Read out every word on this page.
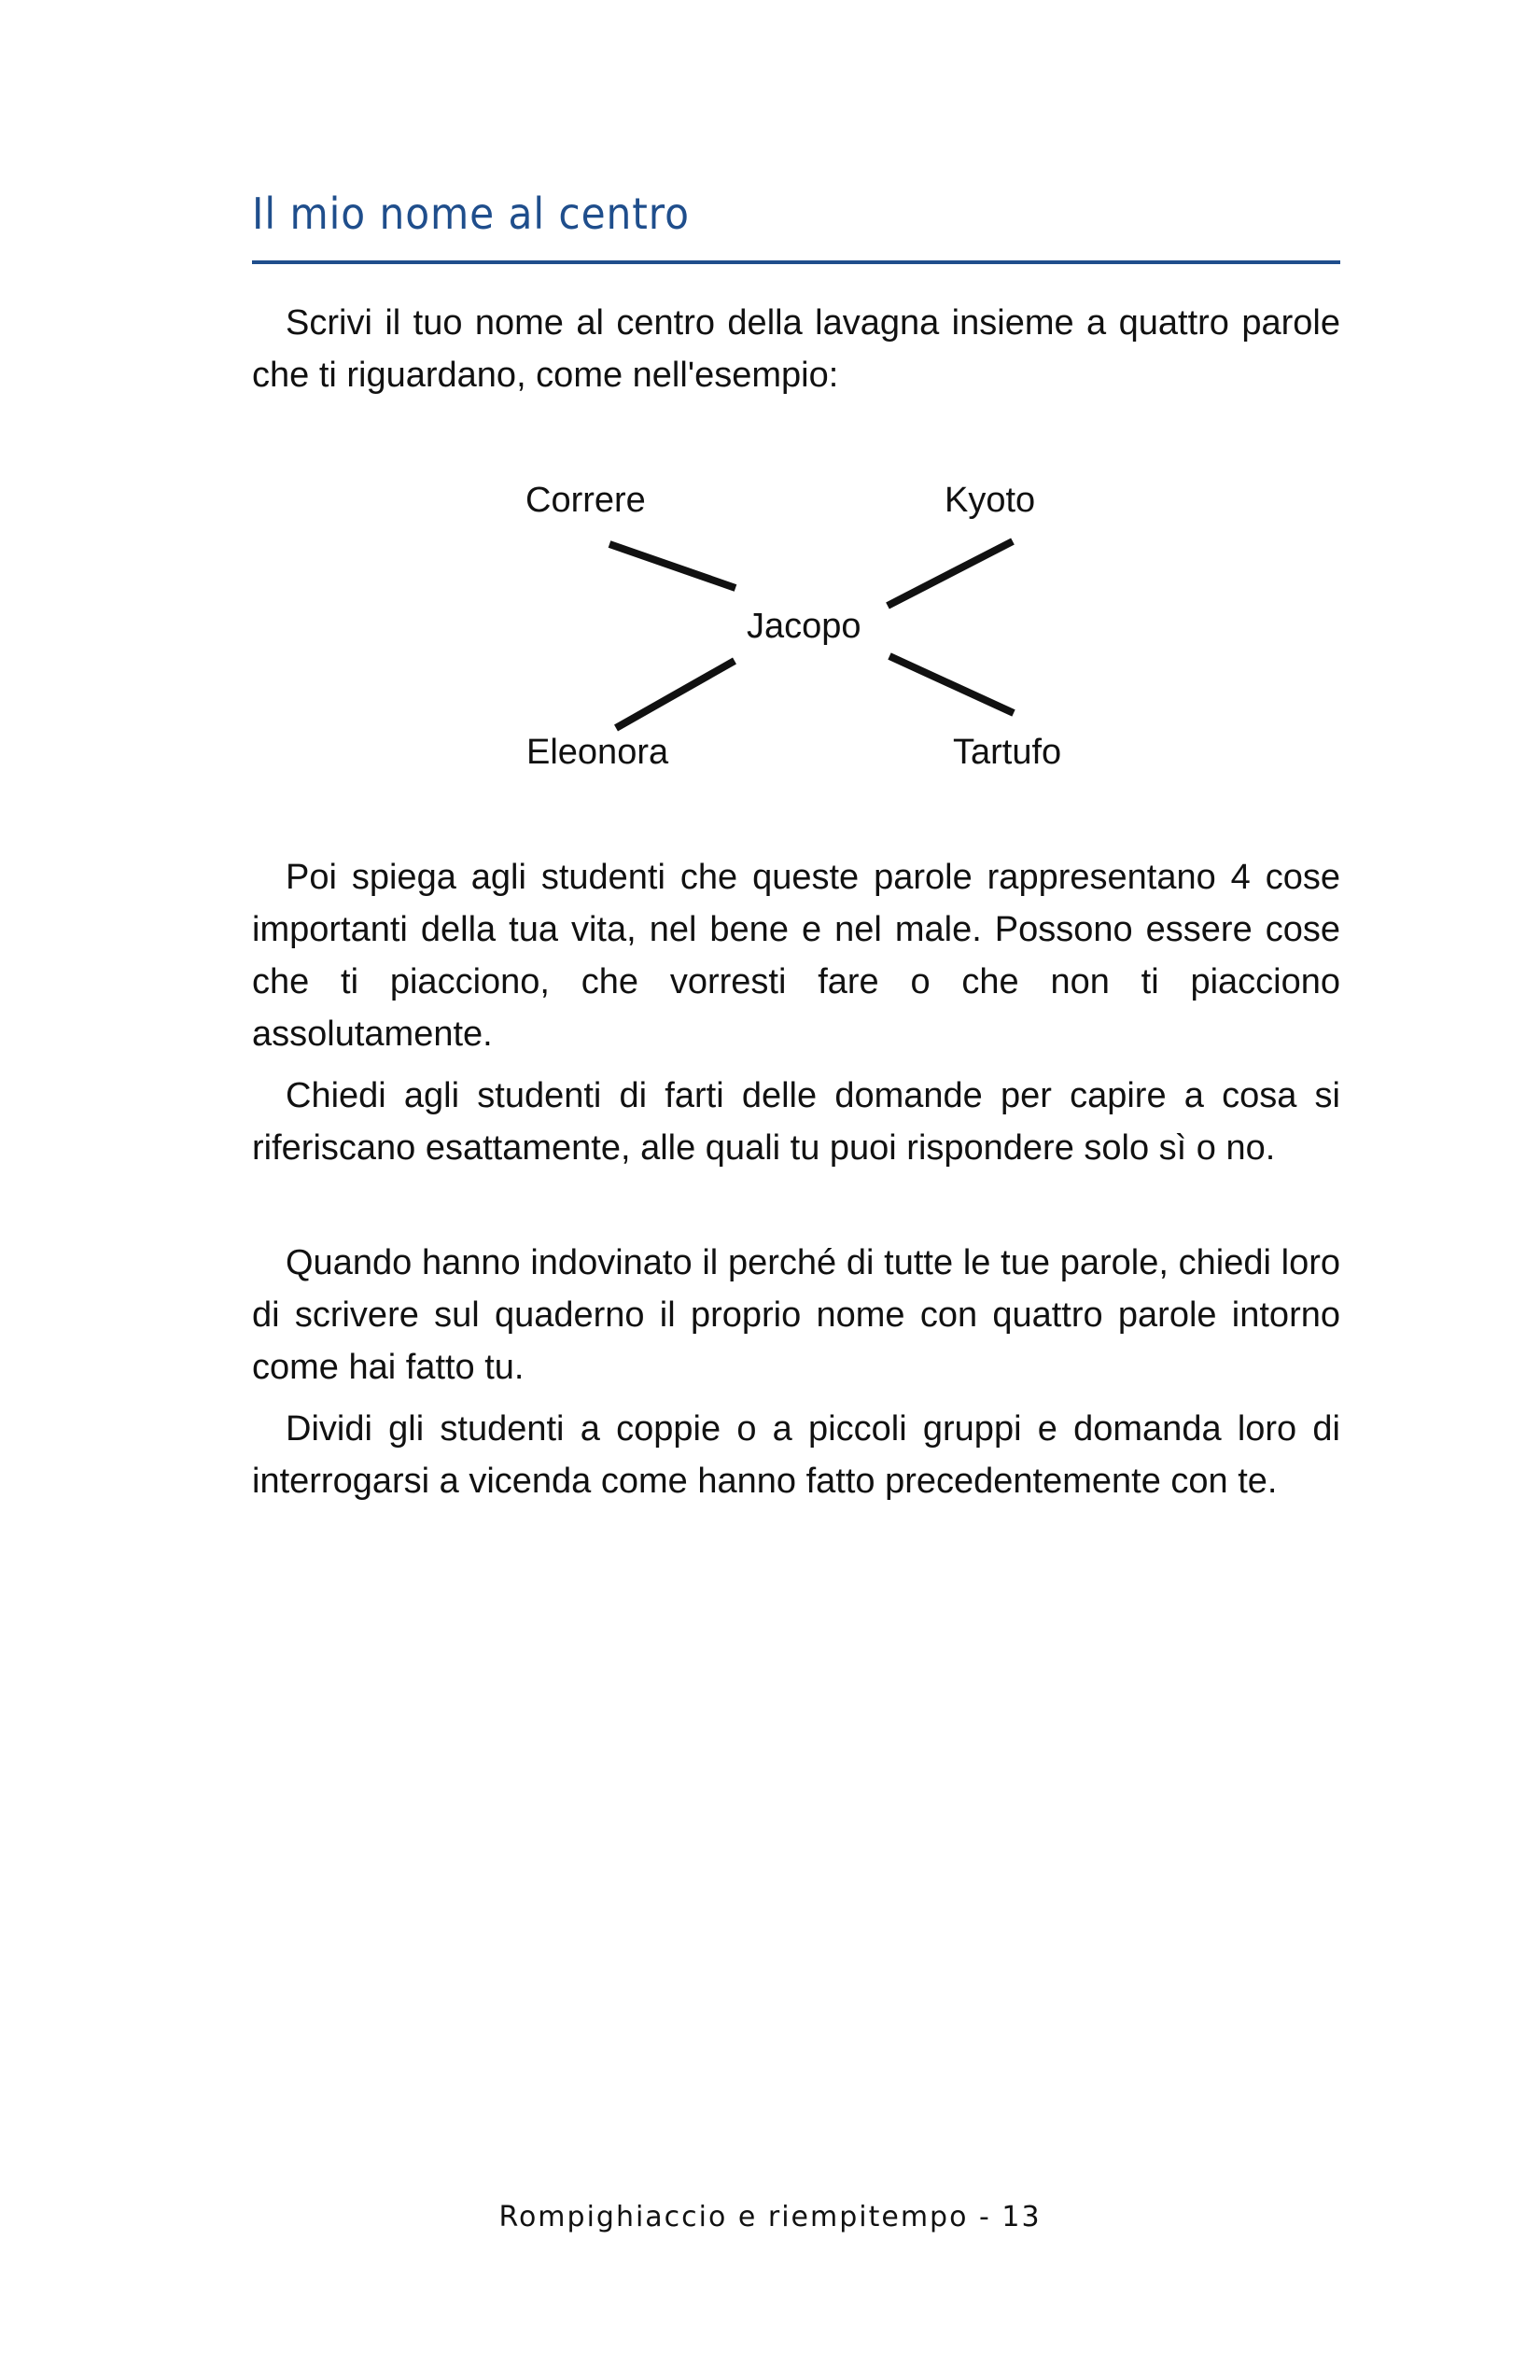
Il mio nome al centro

Scrivi il tuo nome al centro della lavagna insieme a quattro parole che ti riguardano, come nell'esempio:

Correre	Kyoto
Jacopo
Eleonora	Tartufo

Poi spiega agli studenti che queste parole rappresentano 4 cose importanti della tua vita, nel bene e nel male. Possono essere cose che ti piacciono, che vorresti fare o che non ti piacciono assolutamente.

Chiedi agli studenti di farti delle domande per capire a cosa si riferiscano esattamente, alle quali tu puoi rispondere solo sì o no.

Quando hanno indovinato il perché di tutte le tue parole, chiedi loro di scrivere sul quaderno il proprio nome con quattro parole intorno come hai fatto tu.

Dividi gli studenti a coppie o a piccoli gruppi e domanda loro di interrogarsi a vicenda come hanno fatto precedentemente con te.

Rompighiaccio e riempitempo - 13
